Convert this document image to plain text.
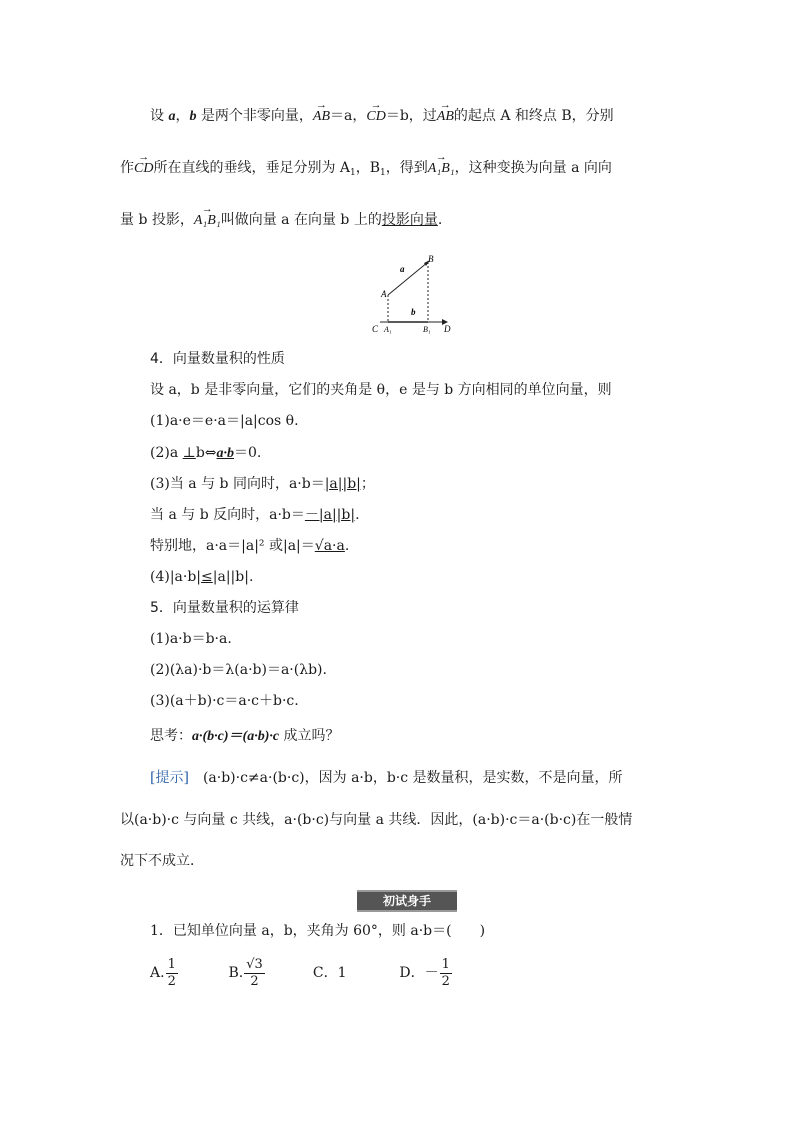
设 a，b 是两个非零向量，→ AB＝a，→ CD＝b，过→ AB的起点 A 和终点 B，分别
作→ CD所在直线的垂线，垂足分别为 $A_1$，$B_1$，得到→ A₁B₁，这种变换为向量 a 向向
量 b 投影，→ A₁B₁叫做向量 a 在向量 b 上的投影向量.
a
b
A
B
C A₁	B₁ D
4．向量数量积的性质
设 a，b 是非零向量，它们的夹角是 θ，e 是与 b 方向相同的单位向量，则
(1)a·e＝e·a＝|a|cos θ.
(2)a ⊥b⇔a·b＝0.
(3)当 a 与 b 同向时，a·b＝|a||b|；
当 a 与 b 反向时，a·b＝－|a||b|.
特别地，a·a＝|a|² 或|a|＝√a·a.
(4)|a·b|≤|a||b|.
5．向量数量积的运算律
(1)a·b＝b·a.
(2)(λa)·b＝λ(a·b)＝a·(λb).
(3)(a＋b)·c＝a·c＋b·c.
思考：a·(b·c)＝(a·b)·c 成立吗？
[提示]　 (a·b)·c≠a·(b·c)，因为 a·b，b·c 是数量积，是实数，不是向量，所
以(a·b)·c 与向量 c 共线，a·(b·c)与向量 a 共线．因此，(a·b)·c＝a·(b·c)在一般情
况下不成立．
初试身手
1．已知单位向量 a，b，夹角为 60°，则 a·b＝(　　)
A. $\frac{1}{2}$	B. $\frac{√3}{2}$	C．1	D．－ $\frac{1}{2}$
